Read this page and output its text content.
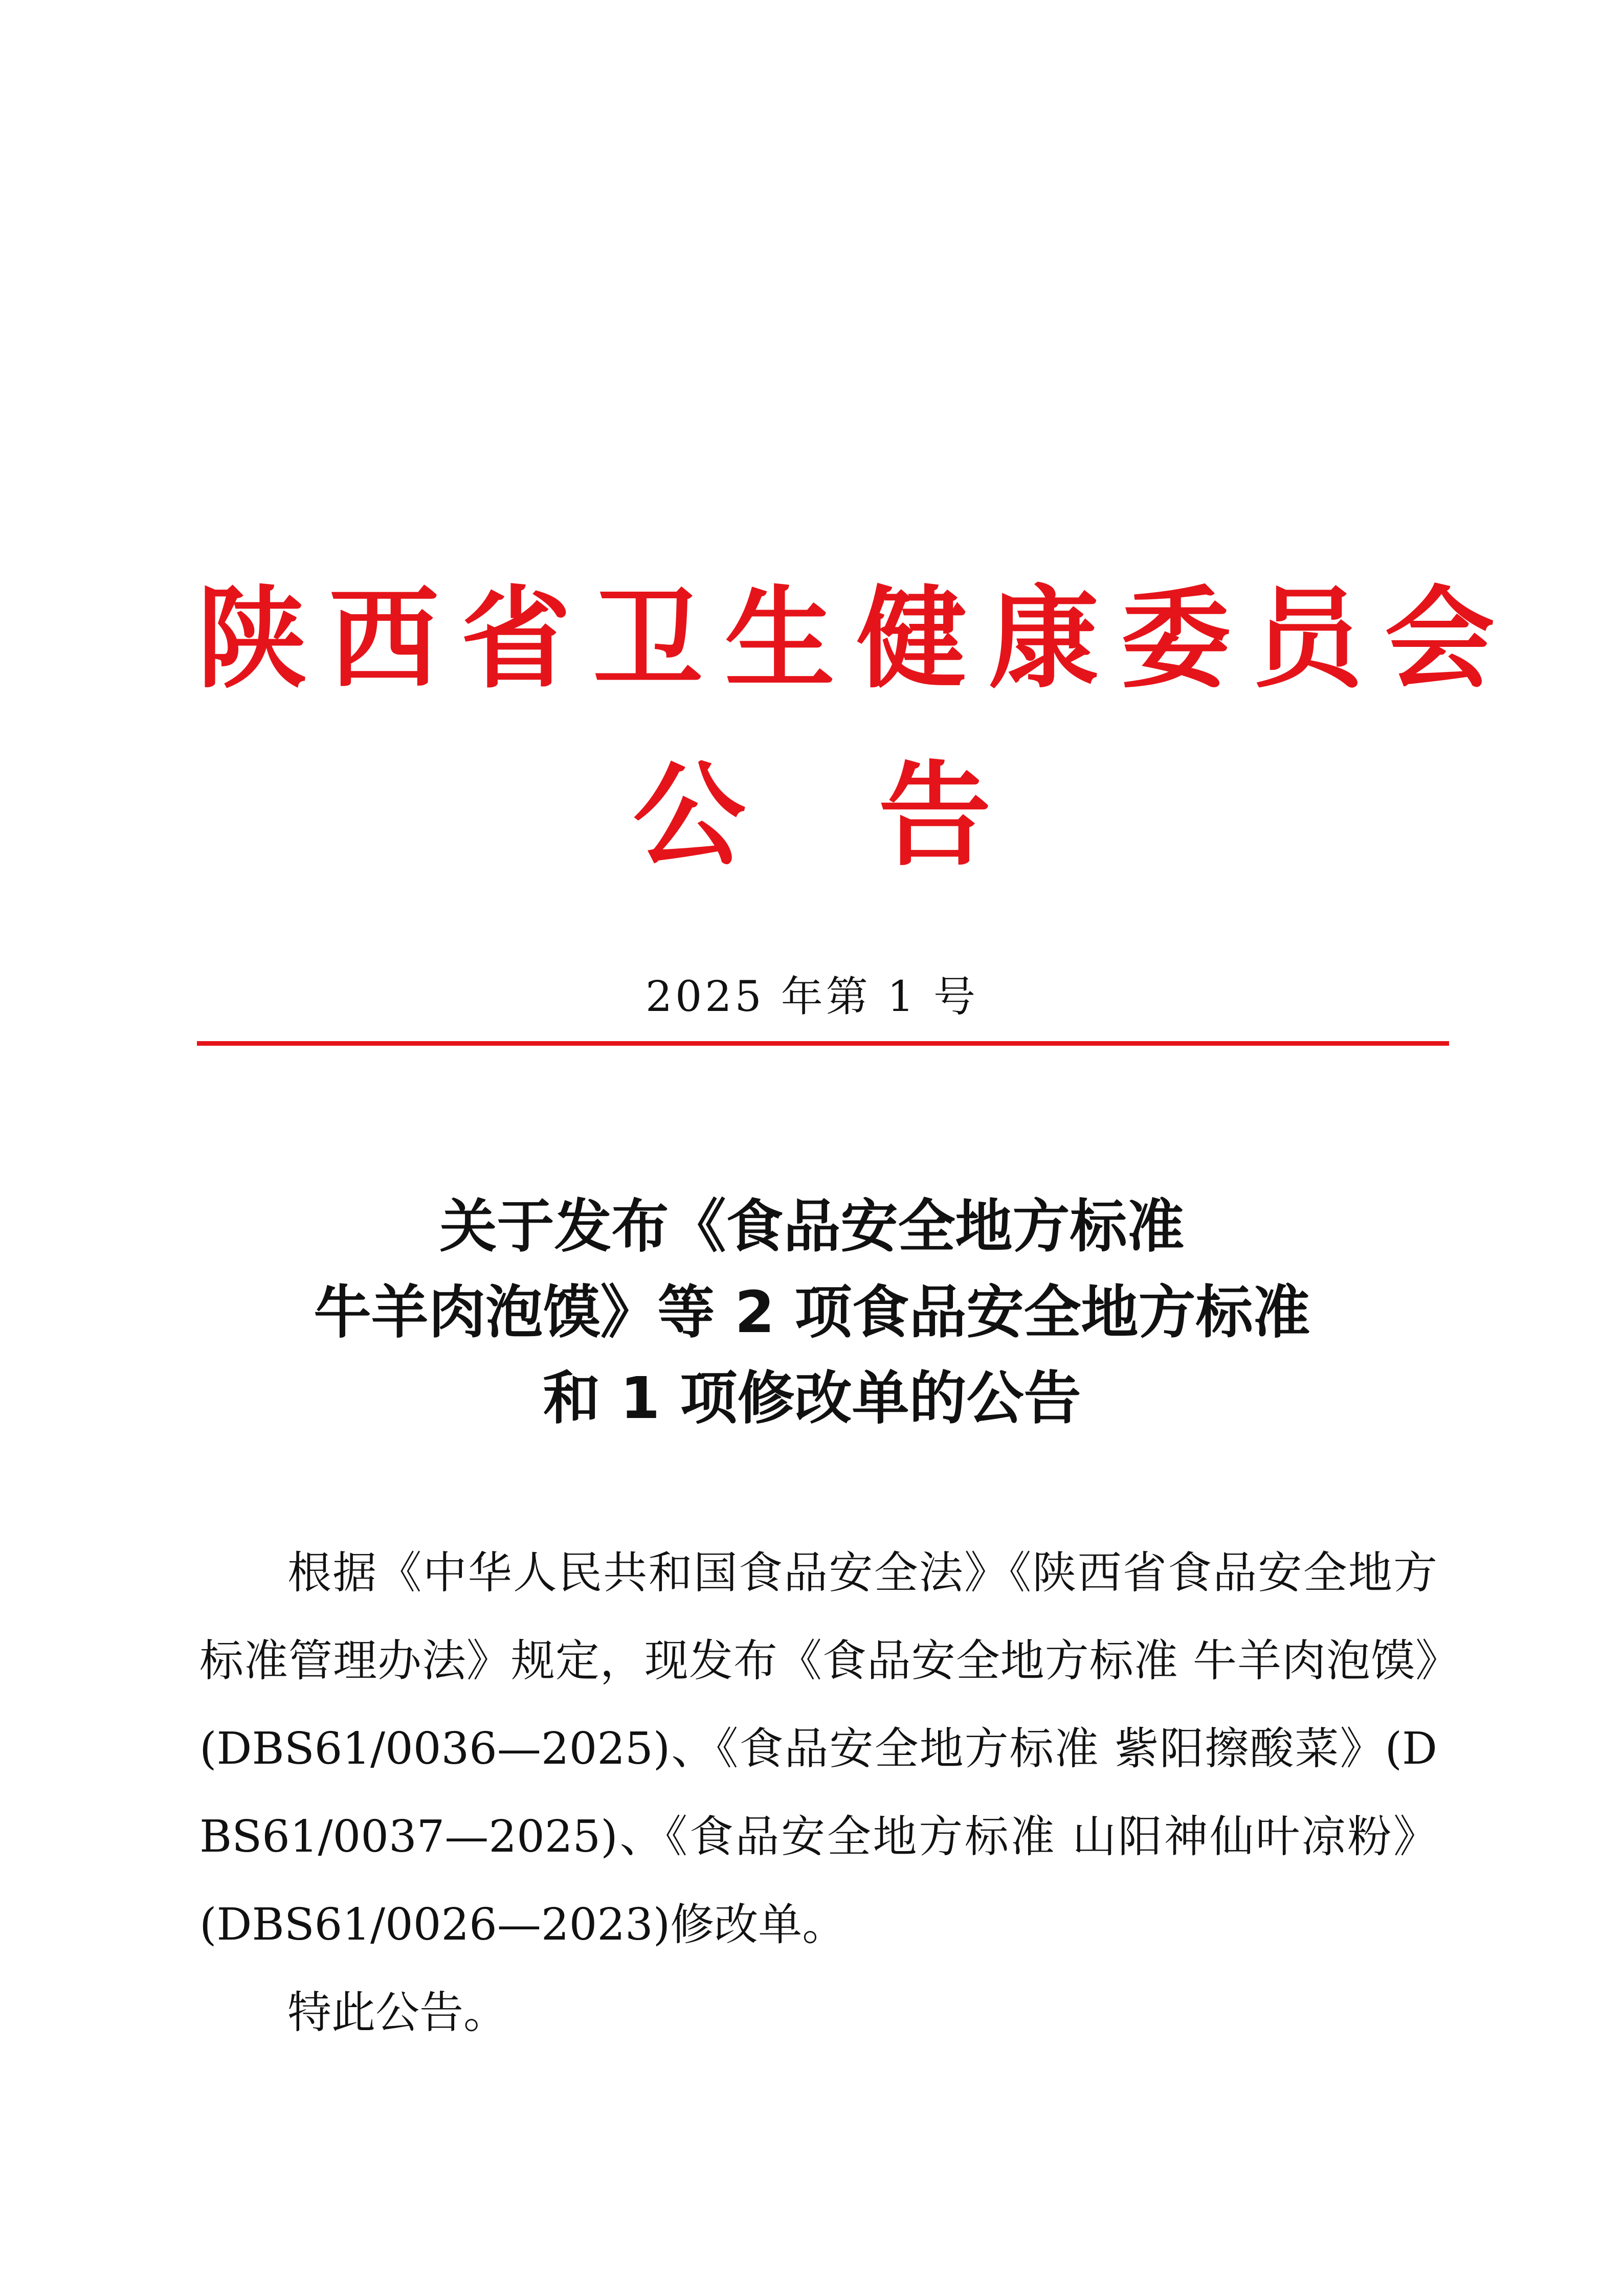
陕西省卫生健康委员会
公 告
2025 年第 1 号
关于发布《食品安全地方标准
牛羊肉泡馍》等 2 项食品安全地方标准
和 1 项修改单的公告

根据《中华人民共和国食品安全法》《陕西省食品安全地方标准管理办法》规定，现发布《食品安全地方标准 牛羊肉泡馍》(DBS61/0036—2025)、《食品安全地方标准 紫阳擦酸菜》(DBS61/0037—2025)、《食品安全地方标准 山阳神仙叶凉粉》(DBS61/0026—2023)修改单。

特此公告。
